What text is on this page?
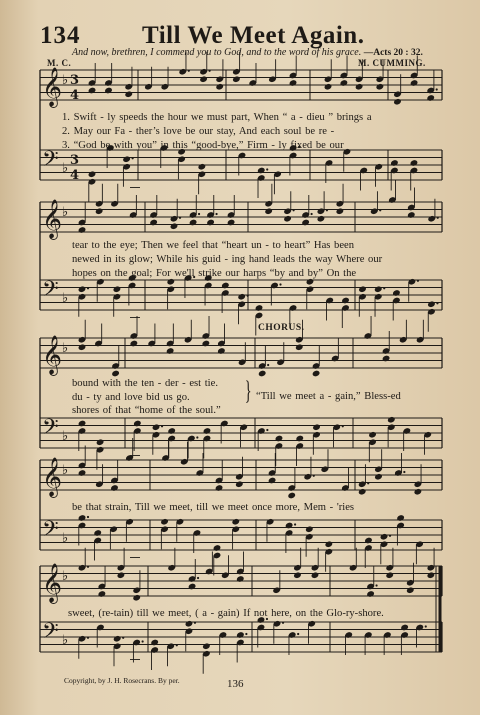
134 Till We Meet Again.
And now, brethren, I commend you to God, and to the word of his grace. —Acts 20 : 32.
M. C.	M. CUMMING.
𝄞 ♭ 3
4
𝄢 ♭
3
4
𝄞 ♭
𝄢 ♭
𝄞 ♭
𝄢 ♭
𝄞 ♭
𝄢 ♭
𝄞 ♭
𝄢 ♭
1. Swift - ly speeds the hour we must part, When “ a - dieu ” brings a
2. May our Fa - ther’s love be our stay, And each soul be re -
3. “God be with you” in this “good-bye,” Firm - ly fixed be our
tear to the eye; Then we feel that “heart un - to heart” Has been
newed in its glow; While his guid - ing hand leads the way Where our
hopes on the goal; For we'll strike our harps “by and by” On the
CHORUS.
bound with the ten - der - est tie.
du - ty and love bid us go.
shores of that “home of the soul.”
} “Till we meet a - gain,” Bless-ed
be that strain, Till we meet, till we meet once more, Mem - 'ries
sweet, (re-tain) till we meet, ( a - gain) If not here, on the Glo-ry-shore.
Copyright, by J. H. Rosecrans. By per.	136
